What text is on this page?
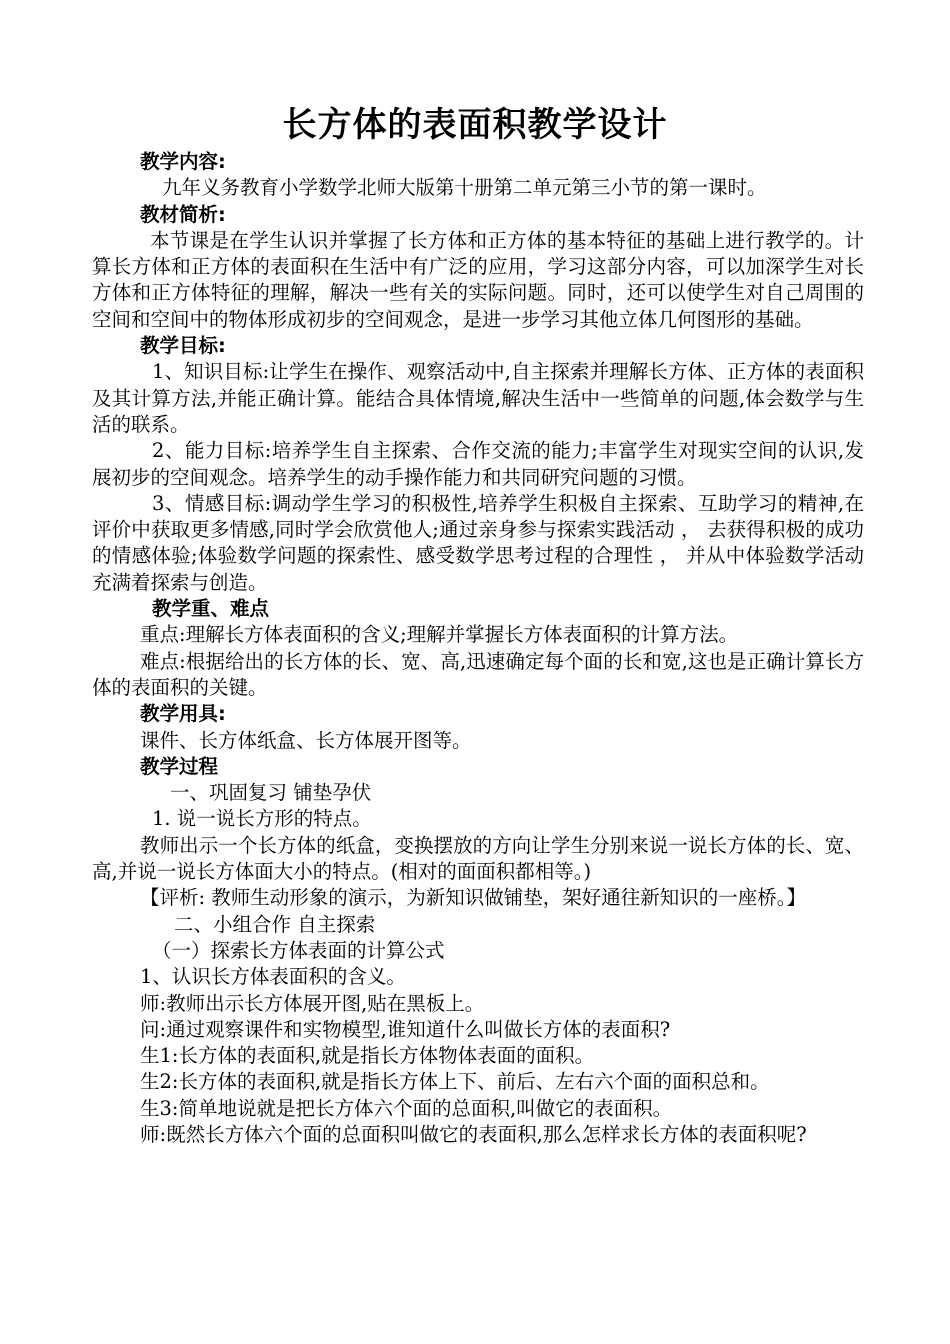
长方体的表面积教学设计

教学内容:

九年义务教育小学数学北师大版第十册第二单元第三小节的第一课时。

教材简析:

本节课是在学生认识并掌握了长方体和正方体的基本特征的基础上进行教学的。计算长方体和正方体的表面积在生活中有广泛的应用，学习这部分内容，可以加深学生对长方体和正方体特征的理解，解决一些有关的实际问题。同时，还可以使学生对自己周围的空间和空间中的物体形成初步的空间观念，是进一步学习其他立体几何图形的基础。

教学目标:

1、知识目标:让学生在操作、观察活动中,自主探索并理解长方体、正方体的表面积及其计算方法,并能正确计算。能结合具体情境,解决生活中一些简单的问题,体会数学与生活的联系。

2、能力目标:培养学生自主探索、合作交流的能力;丰富学生对现实空间的认识,发展初步的空间观念。培养学生的动手操作能力和共同研究问题的习惯。

3、情感目标:调动学生学习的积极性,培养学生积极自主探索、互助学习的精神,在评价中获取更多情感,同时学会欣赏他人;通过亲身参与探索实践活动 ， 去获得积极的成功的情感体验;体验数学问题的探索性、感受数学思考过程的合理性 ， 并从中体验数学活动充满着探索与创造。

教学重、难点

重点:理解长方体表面积的含义;理解并掌握长方体表面积的计算方法。

难点:根据给出的长方体的长、宽、高,迅速确定每个面的长和宽,这也是正确计算长方体的表面积的关键。

教学用具:

课件、长方体纸盒、长方体展开图等。

教学过程

一、巩固复习 铺垫孕伏

1. 说一说长方形的特点。

教师出示一个长方体的纸盒，变换摆放的方向让学生分别来说一说长方体的长、宽、高,并说一说长方体面大小的特点。(相对的面面积都相等。)

【评析: 教师生动形象的演示，为新知识做铺垫，架好通往新知识的一座桥。】

二、小组合作 自主探索

（一）探索长方体表面的计算公式

1、认识长方体表面积的含义。

师:教师出示长方体展开图,贴在黑板上。

问:通过观察课件和实物模型,谁知道什么叫做长方体的表面积?

生1:长方体的表面积,就是指长方体物体表面的面积。

生2:长方体的表面积,就是指长方体上下、前后、左右六个面的面积总和。

生3:简单地说就是把长方体六个面的总面积,叫做它的表面积。

师:既然长方体六个面的总面积叫做它的表面积,那么怎样求长方体的表面积呢?
